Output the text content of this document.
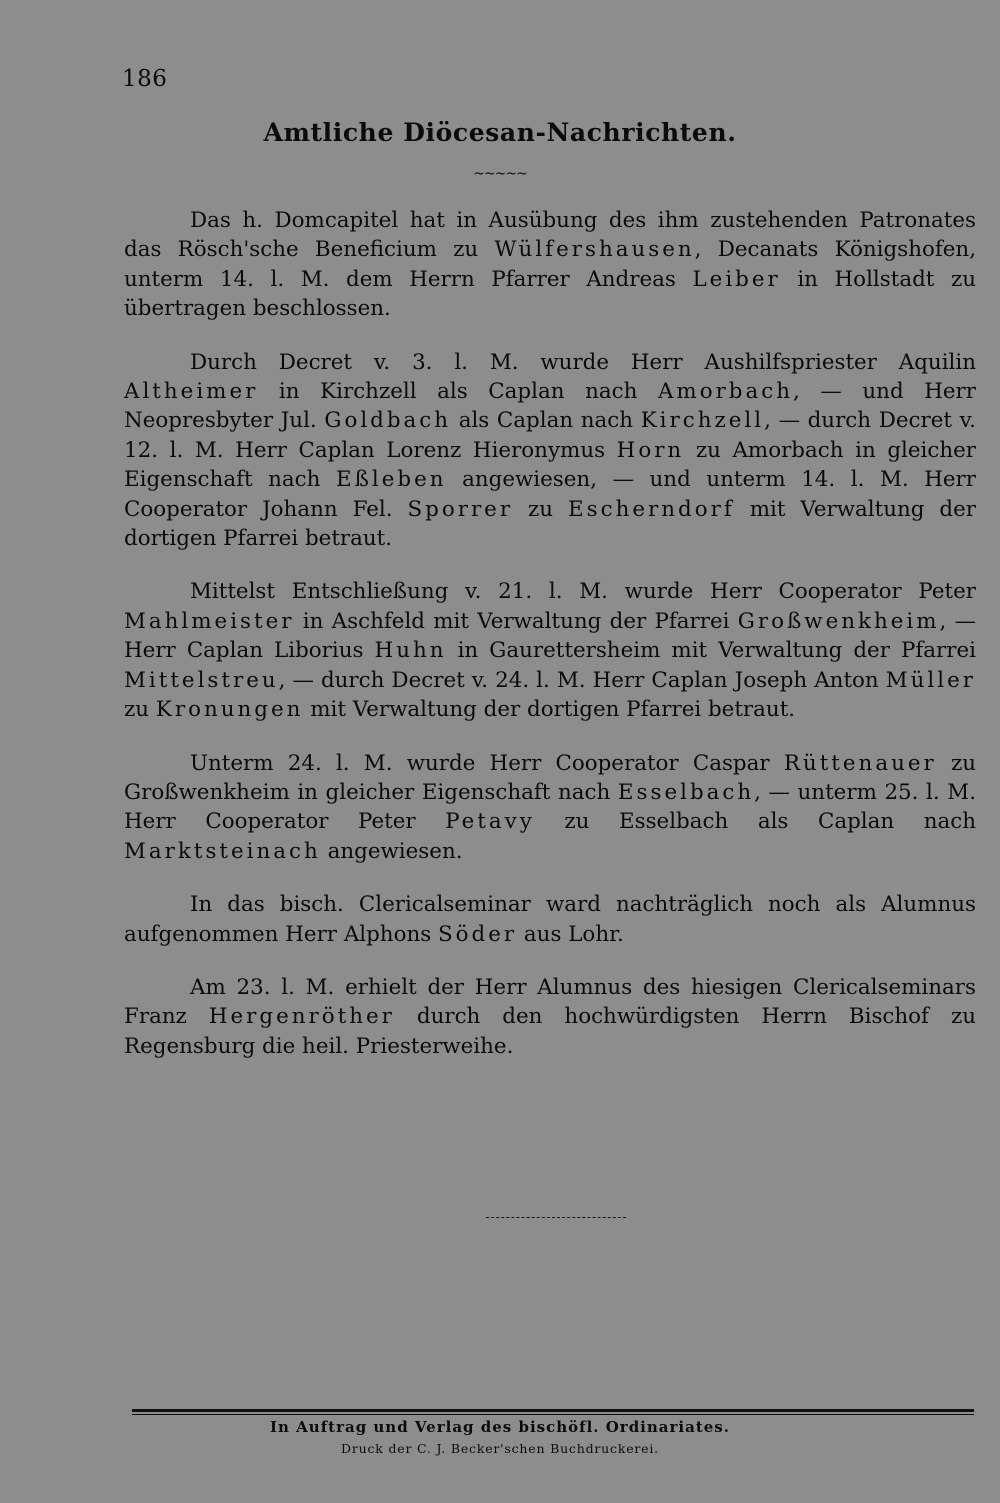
186
Amtliche Diöcesan-Nachrichten.
~~~~~

Das h. Domcapitel hat in Ausübung des ihm zustehenden Patronates das Rösch'sche Beneficium zu Wülfershausen, Decanats Königshofen, unterm 14. l. M. dem Herrn Pfarrer Andreas Leiber in Hollstadt zu übertragen beschlossen.

Durch Decret v. 3. l. M. wurde Herr Aushilfspriester Aquilin Altheimer in Kirchzell als Caplan nach Amorbach, — und Herr Neopresbyter Jul. Goldbach als Caplan nach Kirchzell, — durch Decret v. 12. l. M. Herr Caplan Lorenz Hieronymus Horn zu Amorbach in gleicher Eigenschaft nach Eßleben angewiesen, — und unterm 14. l. M. Herr Cooperator Johann Fel. Sporrer zu Escherndorf mit Verwaltung der dortigen Pfarrei betraut.

Mittelst Entschließung v. 21. l. M. wurde Herr Cooperator Peter Mahlmeister in Aschfeld mit Verwaltung der Pfarrei Großwenkheim, — Herr Caplan Liborius Huhn in Gaurettersheim mit Verwaltung der Pfarrei Mittelstreu, — durch Decret v. 24. l. M. Herr Caplan Joseph Anton Müller zu Kronungen mit Verwaltung der dortigen Pfarrei betraut.

Unterm 24. l. M. wurde Herr Cooperator Caspar Rüttenauer zu Großwenkheim in gleicher Eigenschaft nach Esselbach, — unterm 25. l. M. Herr Cooperator Peter Petavy zu Esselbach als Caplan nach Marktsteinach angewiesen.

In das bisch. Clericalseminar ward nachträglich noch als Alumnus aufgenommen Herr Alphons Söder aus Lohr.

Am 23. l. M. erhielt der Herr Alumnus des hiesigen Clericalseminars Franz Hergenröther durch den hochwürdigsten Herrn Bischof zu Regensburg die heil. Priesterweihe.

In Auftrag und Verlag des bischöfl. Ordinariates.
Druck der C. J. Becker'schen Buchdruckerei.
